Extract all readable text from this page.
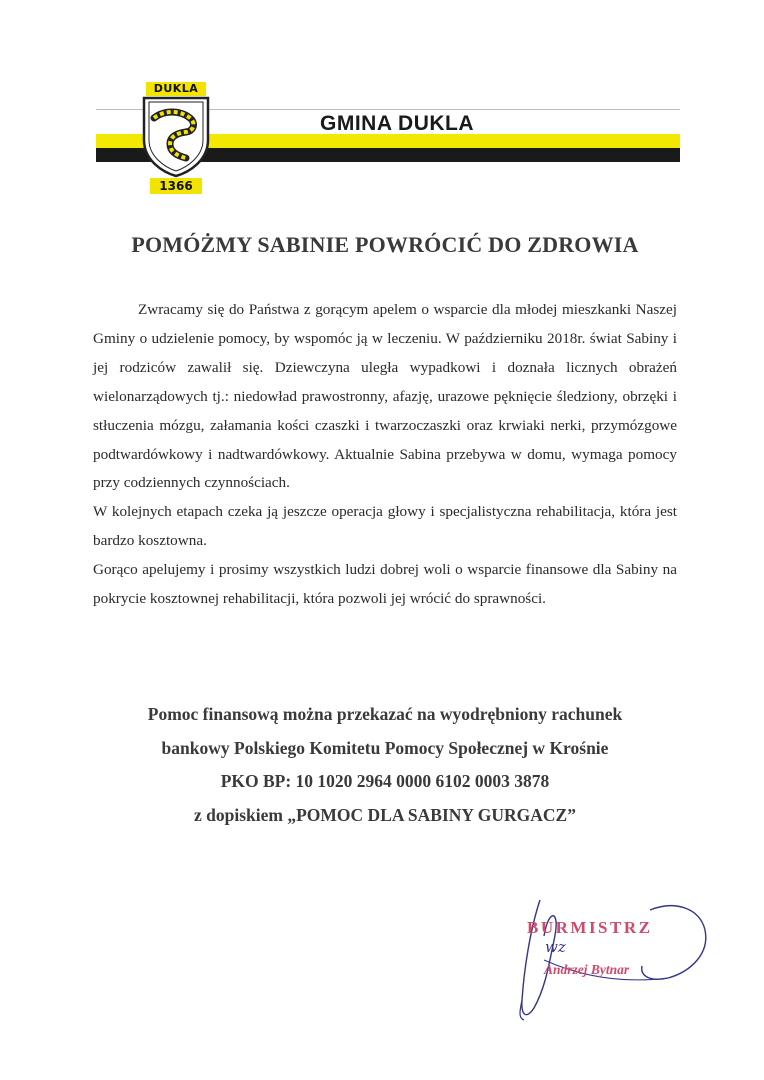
GMINA DUKLA
DUKLA
1366
POMÓŻMY SABINIE POWRÓCIĆ DO ZDROWIA

Zwracamy się do Państwa z gorącym apelem o wsparcie dla młodej mieszkanki Naszej Gminy o udzielenie pomocy, by wspomóc ją w leczeniu. W październiku 2018r. świat Sabiny i jej rodziców zawalił się. Dziewczyna uległa wypadkowi i doznała licznych obrażeń wielonarządowych tj.: niedowład prawostronny, afazję, urazowe pęknięcie śledziony, obrzęki i stłuczenia mózgu, załamania kości czaszki i twarzoczaszki oraz krwiaki nerki, przymózgowe podtwardówkowy i nadtwardówkowy. Aktualnie Sabina przebywa w domu, wymaga pomocy przy codziennych czynnościach.

W kolejnych etapach czeka ją jeszcze operacja głowy i specjalistyczna rehabilitacja, która jest bardzo kosztowna.

Gorąco apelujemy i prosimy wszystkich ludzi dobrej woli o wsparcie finansowe dla Sabiny na pokrycie kosztownej rehabilitacji, która pozwoli jej wrócić do sprawności.

Pomoc finansową można przekazać na wyodrębniony rachunek
bankowy Polskiego Komitetu Pomocy Społecznej w Krośnie
PKO BP: 10 1020 2964 0000 6102 0003 3878
z dopiskiem „POMOC DLA SABINY GURGACZ”
BURMISTRZ
wz
Andrzej Bytnar
